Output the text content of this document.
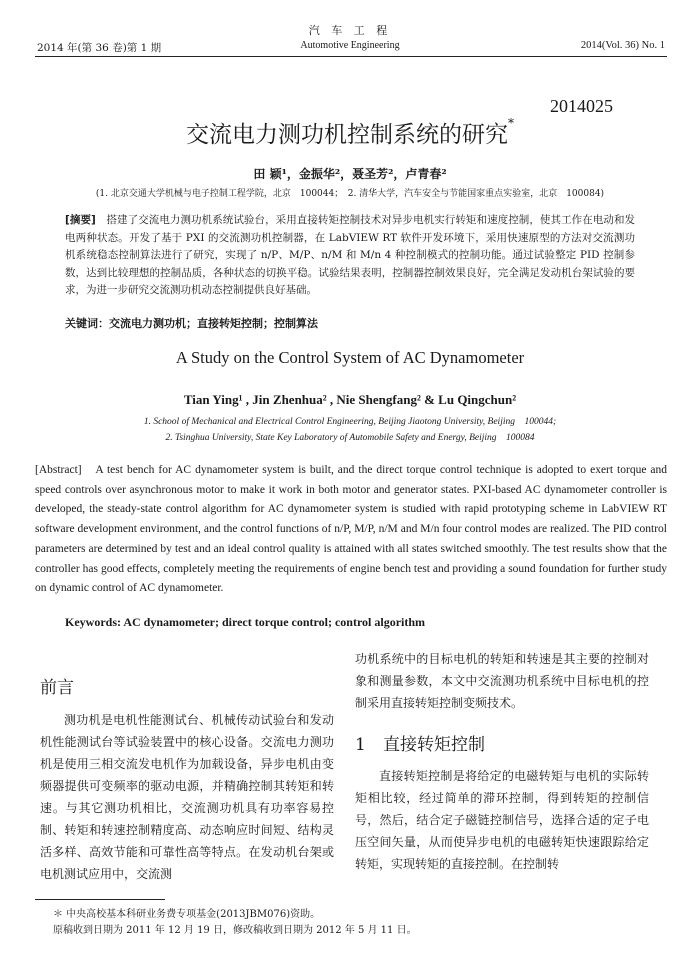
汽 车 工 程
2014 年(第 36 卷)第 1 期	Automotive Engineering	2014(Vol. 36) No. 1
2014025
交流电力测功机控制系统的研究*
田 颖¹，金振华²，聂圣芳²，卢青春²
(1. 北京交通大学机械与电子控制工程学院，北京　100044；　2. 清华大学，汽车安全与节能国家重点实验室，北京　100084)
[摘要]　 搭建了交流电力测功机系统试验台，采用直接转矩控制技术对异步电机实行转矩和速度控制，使其工作在电动和发电两种状态。开发了基于 PXI 的交流测功机控制器，在 LabVIEW RT 软件开发环境下，采用快速原型的方法对交流测功机系统稳态控制算法进行了研究，实现了 n/P、M/P、n/M 和 M/n 4 种控制模式的控制功能。通过试验整定 PID 控制参数，达到比较理想的控制品质，各种状态的切换平稳。试验结果表明，控制器控制效果良好，完全满足发动机台架试验的要求，为进一步研究交流测功机动态控制提供良好基础。
关键词：交流电力测功机；直接转矩控制；控制算法
A Study on the Control System of AC Dynamometer
Tian Ying¹ , Jin Zhenhua² , Nie Shengfang² & Lu Qingchun²
1. School of Mechanical and Electrical Control Engineering, Beijing Jiaotong University, Beijing　100044;
2. Tsinghua University, State Key Laboratory of Automobile Safety and Energy, Beijing　100084
[Abstract]　 A test bench for AC dynamometer system is built, and the direct torque control technique is adopted to exert torque and speed controls over asynchronous motor to make it work in both motor and generator states. PXI-based AC dynamometer controller is developed, the steady-state control algorithm for AC dynamometer system is studied with rapid prototyping scheme in LabVIEW RT software development environment, and the control functions of n/P, M/P, n/M and M/n four control modes are realized. The PID control parameters are determined by test and an ideal control quality is attained with all states switched smoothly. The test results show that the controller has good effects, completely meeting the requirements of engine bench test and providing a sound foundation for further study on dynamic control of AC dynamometer.
Keywords: AC dynamometer; direct torque control; control algorithm
前言
测功机是电机性能测试台、机械传动试验台和发动机性能测试台等试验装置中的核心设备。交流电力测功机是使用三相交流发电机作为加载设备，异步电机由变频器提供可变频率的驱动电源，并精确控制其转矩和转速。与其它测功机相比，交流测功机具有功率容易控制、转矩和转速控制精度高、动态响应时间短、结构灵活多样、高效节能和可靠性高等特点。在发动机台架或电机测试应用中，交流测
功机系统中的目标电机的转矩和转速是其主要的控制对象和测量参数，本文中交流测功机系统中目标电机的控制采用直接转矩控制变频技术。
1 直接转矩控制
直接转矩控制是将给定的电磁转矩与电机的实际转矩相比较，经过简单的滞环控制，得到转矩的控制信号，然后，结合定子磁链控制信号，选择合适的定子电压空间矢量，从而使异步电机的电磁转矩快速跟踪给定转矩，实现转矩的直接控制。在控制转
＊ 中央高校基本科研业务费专项基金(2013JBM076)资助。
原稿收到日期为 2011 年 12 月 19 日，修改稿收到日期为 2012 年 5 月 11 日。
